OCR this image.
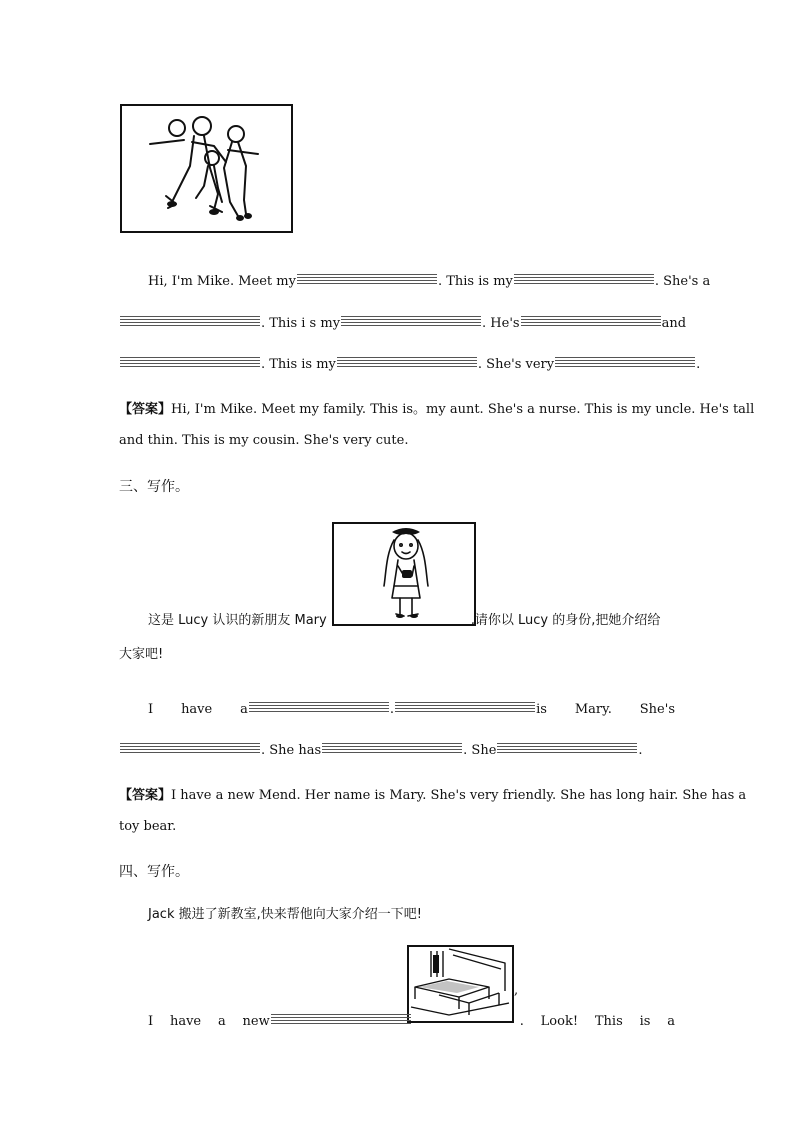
Hi, I'm Mike. Meet my	. This is my	. She's a
. This i s my	. He's	and
. This is my	. She's very	.
【答案】Hi, I'm Mike. Meet my family. This is。my aunt. She's a nurse. This is my uncle. He's tall
and thin. This is my cousin. She's very cute.
三、写作。
这是 Lucy 认识的新朋友 Mary	,请你以 Lucy 的身份,把她介绍给
大家吧!
I have a	.	is Mary. She's
. She has	. She	.
【答案】I have a new Mend. Her name is Mary. She's very friendly. She has long hair. She has a
toy bear.
四、写作。
Jack 搬进了新教室,快来帮他向大家介绍一下吧!
,
I have a new	. Look! This is a
